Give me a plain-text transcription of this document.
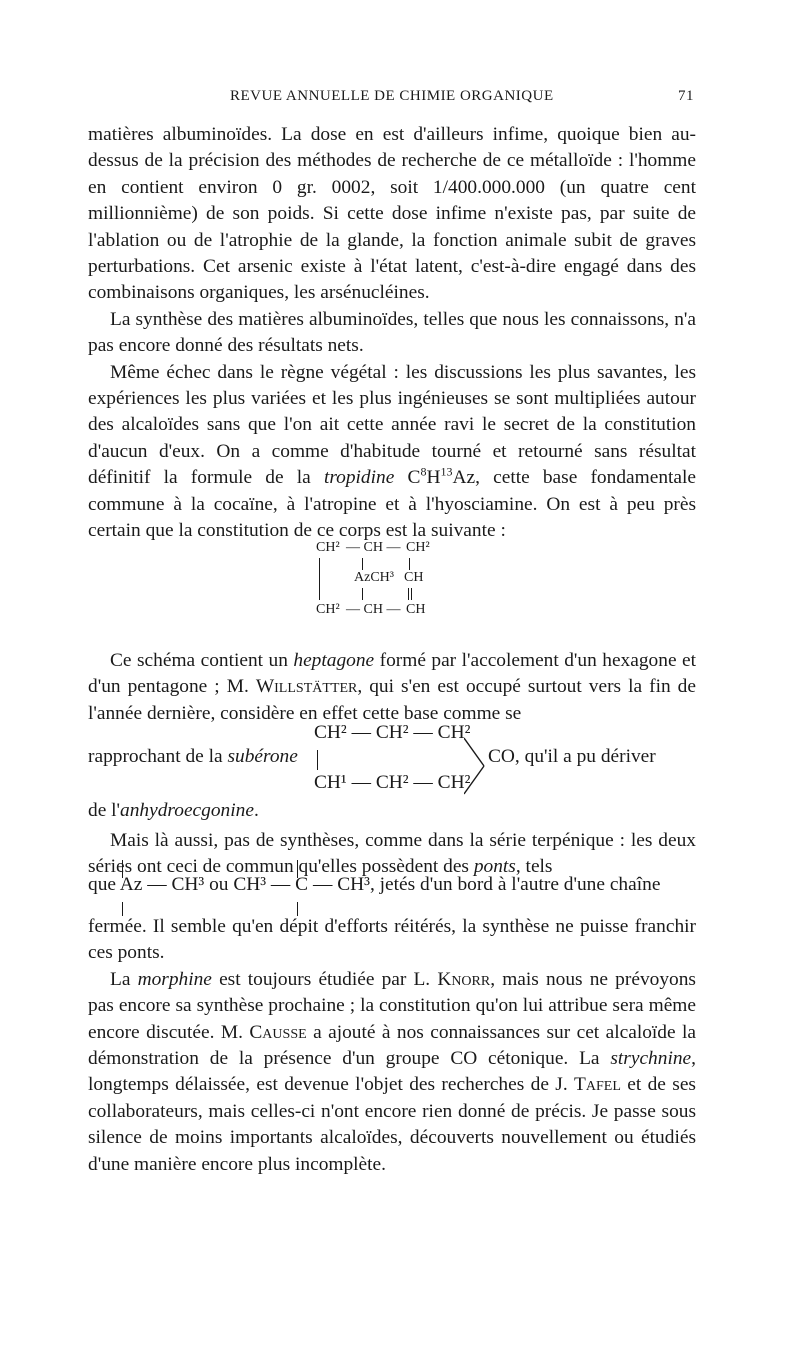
REVUE ANNUELLE DE CHIMIE ORGANIQUE	71

matières albuminoïdes. La dose en est d'ailleurs infime, quoique bien au-dessus de la précision des méthodes de recherche de ce métalloïde : l'homme en contient environ 0 gr. 0002, soit 1/400.000.000 (un quatre cent millionnième) de son poids. Si cette dose infime n'existe pas, par suite de l'ablation ou de l'atrophie de la glande, la fonction animale subit de graves perturbations. Cet arsenic existe à l'état latent, c'est-à-dire engagé dans des combinaisons organiques, les arsénucléines.

La synthèse des matières albuminoïdes, telles que nous les connaissons, n'a pas encore donné des résultats nets.

Même échec dans le règne végétal : les discussions les plus savantes, les expériences les plus variées et les plus ingénieuses se sont multipliées autour des alcaloïdes sans que l'on ait cette année ravi le secret de la constitution d'aucun d'eux. On a comme d'habitude tourné et retourné sans résultat définitif la formule de la tropidine $C^8H^{13}Az$, cette base fondamentale commune à la cocaïne, à l'atropine et à l'hyosciamine. On est à peu près certain que la constitution de ce corps est la suivante :

CH² — CH — CH²
AzCH³ CH
CH² — CH — CH

Ce schéma contient un heptagone formé par l'accolement d'un hexagone et d'un pentagone ; M. Willstätter, qui s'en est occupé surtout vers la fin de l'année dernière, considère en effet cette base comme se

CH² — CH² — CH²
rapprochant de la subérone	CO, qu'il a pu dériver
CH¹ — CH² — CH²
de l'anhydroecgonine.

Mais là aussi, pas de synthèses, comme dans la série terpénique : les deux séries ont ceci de commun qu'elles possèdent des ponts, tels

que Az — CH³ ou CH³ — C — CH³, jetés d'un bord à l'autre d'une chaîne

fermée. Il semble qu'en dépit d'efforts réitérés, la synthèse ne puisse franchir ces ponts.

La morphine est toujours étudiée par L. Knorr, mais nous ne prévoyons pas encore sa synthèse prochaine ; la constitution qu'on lui attribue sera même encore discutée. M. Causse a ajouté à nos connaissances sur cet alcaloïde la démonstration de la présence d'un groupe CO cétonique. La strychnine, longtemps délaissée, est devenue l'objet des recherches de J. Tafel et de ses collaborateurs, mais celles-ci n'ont encore rien donné de précis. Je passe sous silence de moins importants alcaloïdes, découverts nouvellement ou étudiés d'une manière encore plus incomplète.
